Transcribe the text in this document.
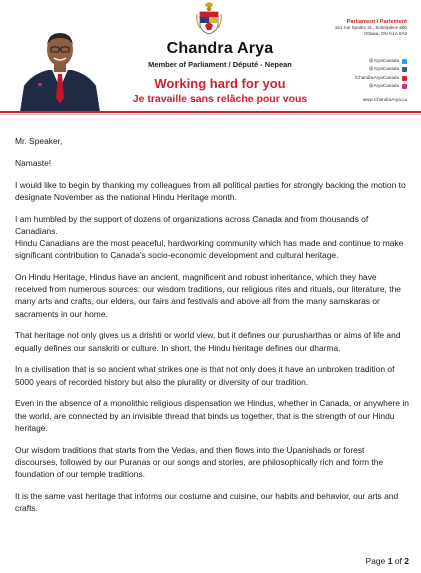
Chandra Arya
Member of Parliament / Député - Nepean
Working hard for you
Je travaille sans relâche pour vous
Parliament / Parlement
151 rue Sparks St., Suite/pièce 800
Ottawa, ON K1A 0A5
@AryaCanada
@AryaCanada
/ChandraAryaCanada
@AryaCanada
www.ChandraArya.ca

Mr. Speaker,

Namaste!

I would like to begin by thanking my colleagues from all political parties for strongly backing the motion to designate November as the national Hindu Heritage month.

I am humbled by the support of dozens of organizations across Canada and from thousands of Canadians.

Hindu Canadians are the most peaceful, hardworking community which has made and continue to make significant contribution to Canada’s socio-economic development and cultural heritage.

On Hindu Heritage, Hindus have an ancient, magnificent and robust inheritance, which they have received from numerous sources: our wisdom traditions, our religious rites and rituals, our literature, the many arts and crafts, our elders, our fairs and festivals and above all from the many samskaras or sacraments in our home.

That heritage not only gives us a drishti or world view, but it defines our purusharthas or aims of life and equally defines our sanskriti or culture. In short, the Hindu heritage defines our dharma.

In a civilisation that is so ancient what strikes one is that not only does it have an unbroken tradition of 5000 years of recorded history but also the plurality or diversity of our tradition.

Even in the absence of a monolithic religious dispensation we Hindus, whether in Canada, or anywhere in the world, are connected by an invisible thread that binds us together, that is the strength of our Hindu heritage.

Our wisdom traditions that starts from the Vedas, and then flows into the Upanishads or forest discourses, followed by our Puranas or our songs and stories, are philosophically rich and form the foundation of our temple traditions.

It is the same vast heritage that informs our costume and cuisine, our habits and behavior, our arts and crafts.

Page 1 of 2
